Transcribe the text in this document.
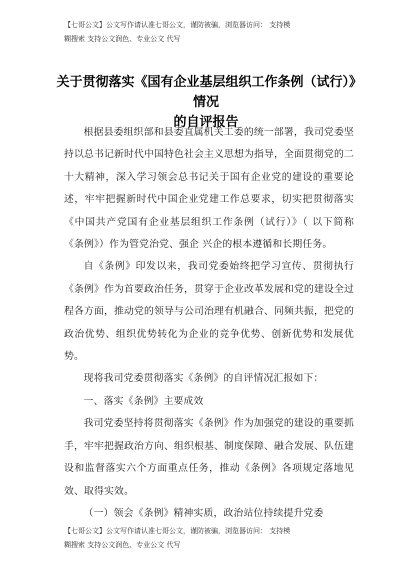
【七哥公文】公文写作请认准七哥公文，谨防被骗，浏览器访问： 支持模
糊搜索 支持公文润色、专业公文 代写
关于贯彻落实《国有企业基层组织工作条例（试行）》情况
的自评报告

根据县委组织部和县委直属机关工委的统一部署，我司党委坚持以总书记新时代中国特色社会主义思想为指导，全面贯彻党的二十大精神，深入学习领会总书记关于国有企业党的建设的重要论述，牢牢把握新时代中国企业党建工作总要求，切实把贯彻落实《中国共产党国有企业基层组织工作条例（试行）》（ 以下简称《条例》）作为管党治党、强企 兴企的根本遵循和长期任务。

自《条例》印发以来，我司党委始终把学习宣传、贯彻执行《条例》作为首要政治任务，贯穿于企业改革发展和党的建设全过程各方面，推动党的领导与公司治理有机融合、同频共振，把党的政治优势、组织优势转化为企业的竞争优势、创新优势和发展优势。

现将我司党委贯彻落实《条例》的自评情况汇报如下：

一、落实《条例》主要成效

我司党委坚持将贯彻落实《条例》作为加强党的建设的重要抓手，牢牢把握政治方向、组织根基、制度保障、融合发展、队伍建设和监督落实六个方面重点任务，推动《条例》各项规定落地见效、取得实效。

（一）领会《条例》精神实质，政治站位持续提升党委

【七哥公文】公文写作请认准七哥公文，谨防被骗，浏览器访问： 支持模
糊搜索 支持公文润色、专业公文 代写
